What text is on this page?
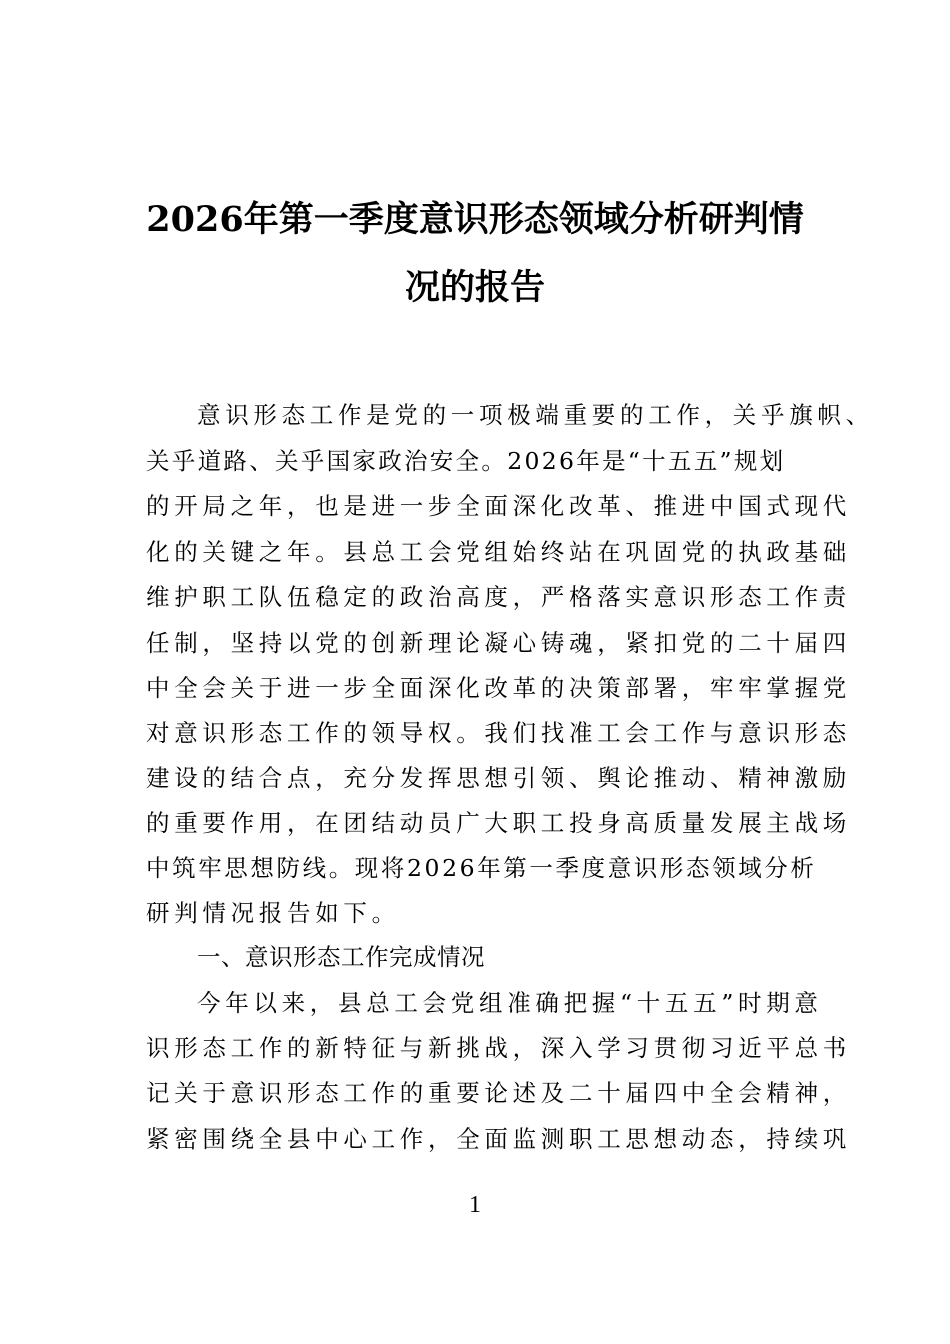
2026年第一季度意识形态领域分析研判情
况的报告
意识形态工作是党的一项极端重要的工作，关乎旗帜、
关乎道路、关乎国家政治安全。2026年是“十五五”规划
的开局之年，也是进一步全面深化改革、推进中国式现代
化的关键之年。县总工会党组始终站在巩固党的执政基础
维护职工队伍稳定的政治高度，严格落实意识形态工作责
任制，坚持以党的创新理论凝心铸魂，紧扣党的二十届四
中全会关于进一步全面深化改革的决策部署，牢牢掌握党
对意识形态工作的领导权。我们找准工会工作与意识形态
建设的结合点，充分发挥思想引领、舆论推动、精神激励
的重要作用，在团结动员广大职工投身高质量发展主战场
中筑牢思想防线。现将2026年第一季度意识形态领域分析
研判情况报告如下。
一、意识形态工作完成情况
今年以来，县总工会党组准确把握“十五五”时期意
识形态工作的新特征与新挑战，深入学习贯彻习近平总书
记关于意识形态工作的重要论述及二十届四中全会精神，
紧密围绕全县中心工作，全面监测职工思想动态，持续巩
1
